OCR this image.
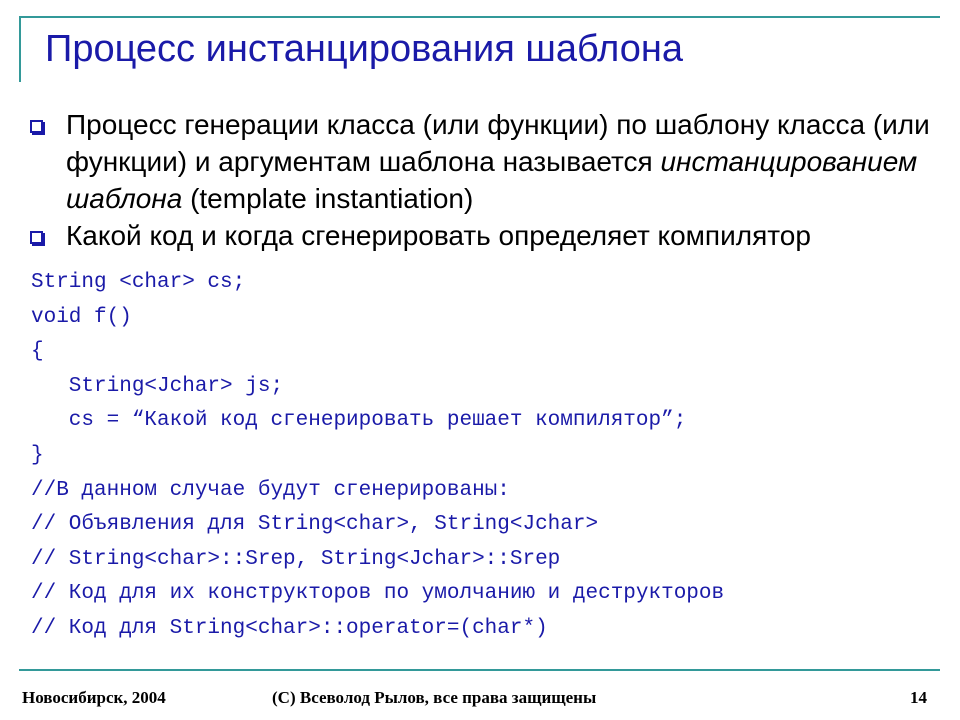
Процесс инстанцирования шаблона
Процесс генерации класса (или функции) по шаблону класса (или функции) и аргументам шаблона называется инстанцированием шаблона (template instantiation)
Какой код и когда сгенерировать определяет компилятор
String <char> cs;
void f()
{
String<Jchar> js;
cs = “Какой код сгенерировать решает компилятор”;
}
//В данном случае будут сгенерированы:
// Объявления для String<char>, String<Jchar>
// String<char>::Srep, String<Jchar>::Srep
// Код для их конструкторов по умолчанию и деструкторов
// Код для String<char>::operator=(char*)
Новосибирск, 2004	(C) Всеволод Рылов, все права защищены	14
